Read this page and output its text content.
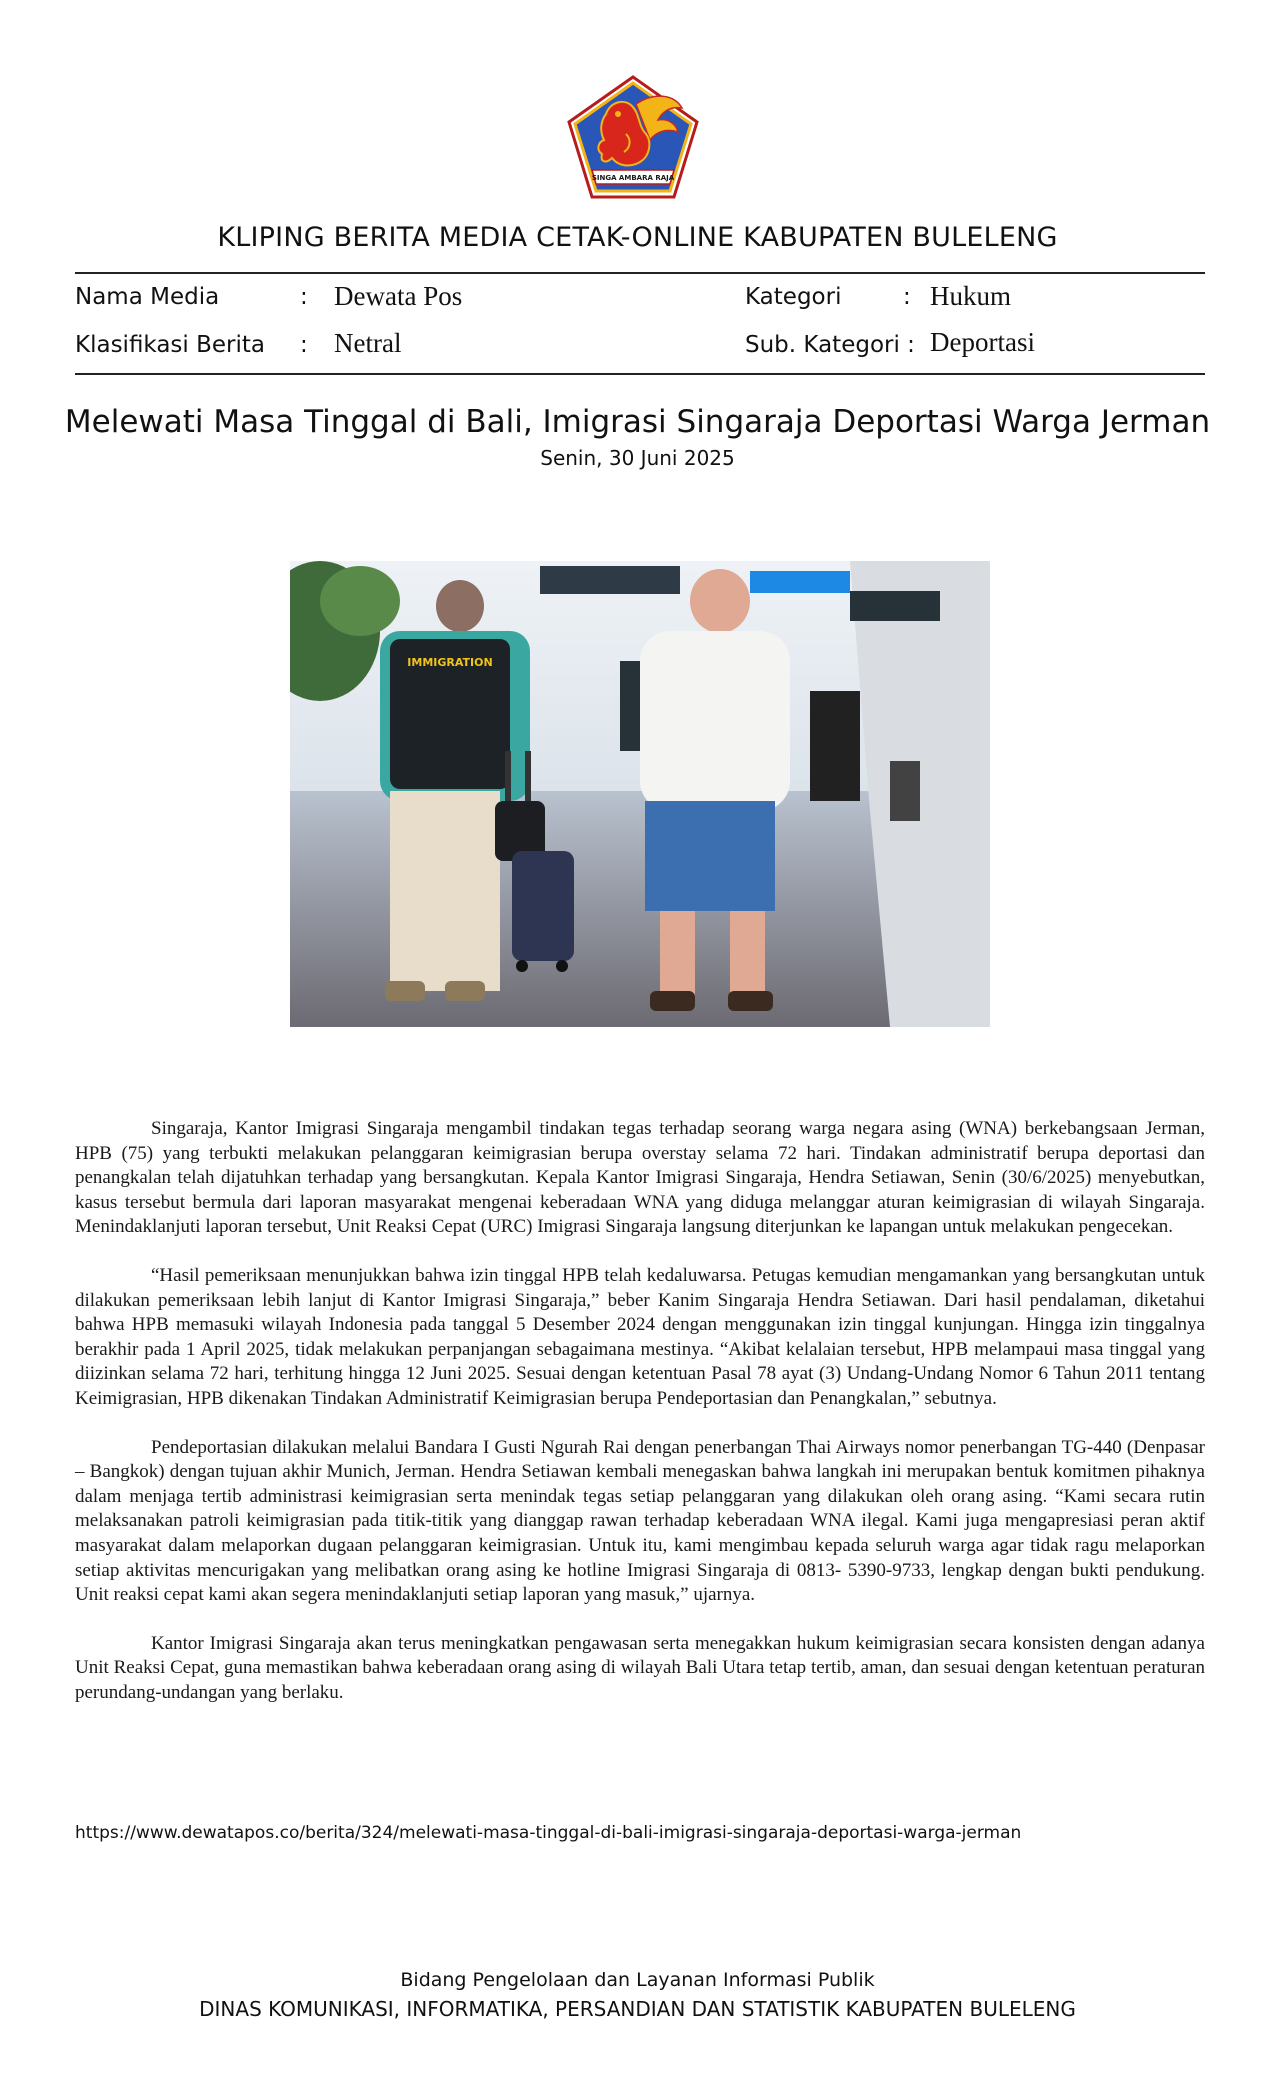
SINGA AMBARA RAJA
KLIPING BERITA MEDIA CETAK-ONLINE KABUPATEN BULELENG
Nama Media	: Dewata Pos	Kategori	: Hukum
Klasifikasi Berita : Netral	Sub. Kategori : Deportasi
Melewati Masa Tinggal di Bali, Imigrasi Singaraja Deportasi Warga Jerman
Senin, 30 Juni 2025
IMMIGRATION

Singaraja, Kantor Imigrasi Singaraja mengambil tindakan tegas terhadap seorang warga negara asing (WNA) berkebangsaan Jerman, HPB (75) yang terbukti melakukan pelanggaran keimigrasian berupa overstay selama 72 hari. Tindakan administratif berupa deportasi dan penangkalan telah dijatuhkan terhadap yang bersangkutan. Kepala Kantor Imigrasi Singaraja, Hendra Setiawan, Senin (30/6/2025) menyebutkan, kasus tersebut bermula dari laporan masyarakat mengenai keberadaan WNA yang diduga melanggar aturan keimigrasian di wilayah Singaraja. Menindaklanjuti laporan tersebut, Unit Reaksi Cepat (URC) Imigrasi Singaraja langsung diterjunkan ke lapangan untuk melakukan pengecekan.

“Hasil pemeriksaan menunjukkan bahwa izin tinggal HPB telah kedaluwarsa. Petugas kemudian mengamankan yang bersangkutan untuk dilakukan pemeriksaan lebih lanjut di Kantor Imigrasi Singaraja,” beber Kanim Singaraja Hendra Setiawan. Dari hasil pendalaman, diketahui bahwa HPB memasuki wilayah Indonesia pada tanggal 5 Desember 2024 dengan menggunakan izin tinggal kunjungan. Hingga izin tinggalnya berakhir pada 1 April 2025, tidak melakukan perpanjangan sebagaimana mestinya. “Akibat kelalaian tersebut, HPB melampaui masa tinggal yang diizinkan selama 72 hari, terhitung hingga 12 Juni 2025. Sesuai dengan ketentuan Pasal 78 ayat (3) Undang-Undang Nomor 6 Tahun 2011 tentang Keimigrasian, HPB dikenakan Tindakan Administratif Keimigrasian berupa Pendeportasian dan Penangkalan,” sebutnya.

Pendeportasian dilakukan melalui Bandara I Gusti Ngurah Rai dengan penerbangan Thai Airways nomor penerbangan TG-440 (Denpasar – Bangkok) dengan tujuan akhir Munich, Jerman. Hendra Setiawan kembali menegaskan bahwa langkah ini merupakan bentuk komitmen pihaknya dalam menjaga tertib administrasi keimigrasian serta menindak tegas setiap pelanggaran yang dilakukan oleh orang asing. “Kami secara rutin melaksanakan patroli keimigrasian pada titik-titik yang dianggap rawan terhadap keberadaan WNA ilegal. Kami juga mengapresiasi peran aktif masyarakat dalam melaporkan dugaan pelanggaran keimigrasian. Untuk itu, kami mengimbau kepada seluruh warga agar tidak ragu melaporkan setiap aktivitas mencurigakan yang melibatkan orang asing ke hotline Imigrasi Singaraja di 0813- 5390-9733, lengkap dengan bukti pendukung. Unit reaksi cepat kami akan segera menindaklanjuti setiap laporan yang masuk,” ujarnya.

Kantor Imigrasi Singaraja akan terus meningkatkan pengawasan serta menegakkan hukum keimigrasian secara konsisten dengan adanya Unit Reaksi Cepat, guna memastikan bahwa keberadaan orang asing di wilayah Bali Utara tetap tertib, aman, dan sesuai dengan ketentuan peraturan perundang-undangan yang berlaku.

https://www.dewatapos.co/berita/324/melewati-masa-tinggal-di-bali-imigrasi-singaraja-deportasi-warga-jerman
Bidang Pengelolaan dan Layanan Informasi Publik
DINAS KOMUNIKASI, INFORMATIKA, PERSANDIAN DAN STATISTIK KABUPATEN BULELENG
